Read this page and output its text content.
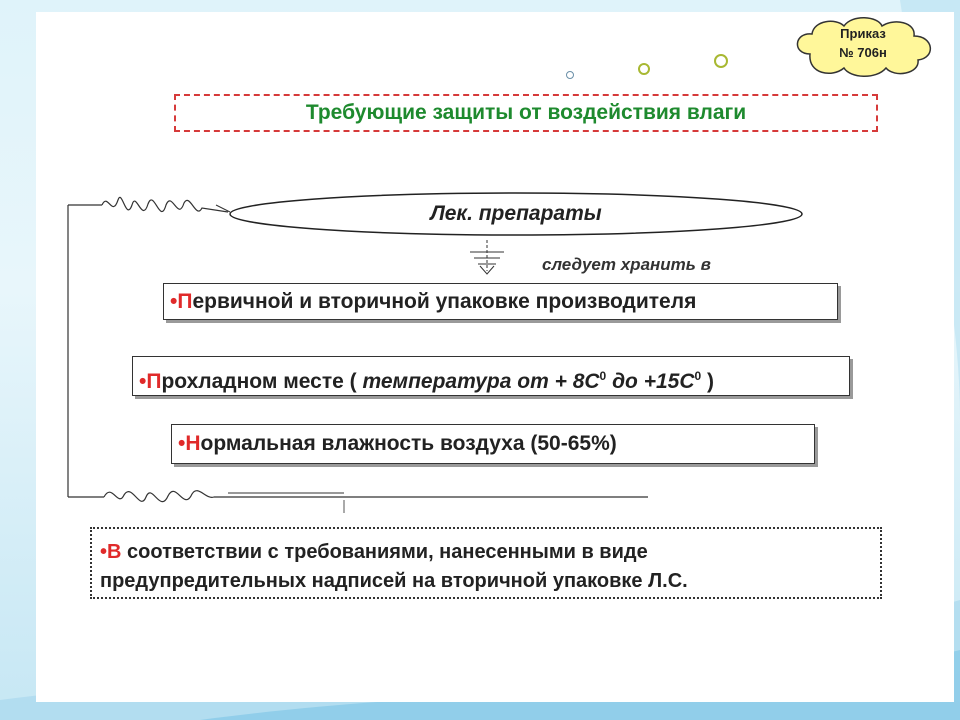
Приказ
№ 706н
Требующие защиты от воздействия влаги
Лек. препараты
следует хранить в
•Первичной и вторичной упаковке производителя
•Прохладном месте ( температура от + $8С^0$ до $+15С^0$ )
•Нормальная влажность воздуха (50-65%)
•В соответствии с требованиями, нанесенными в виде
предупредительных надписей на вторичной упаковке Л.С.
